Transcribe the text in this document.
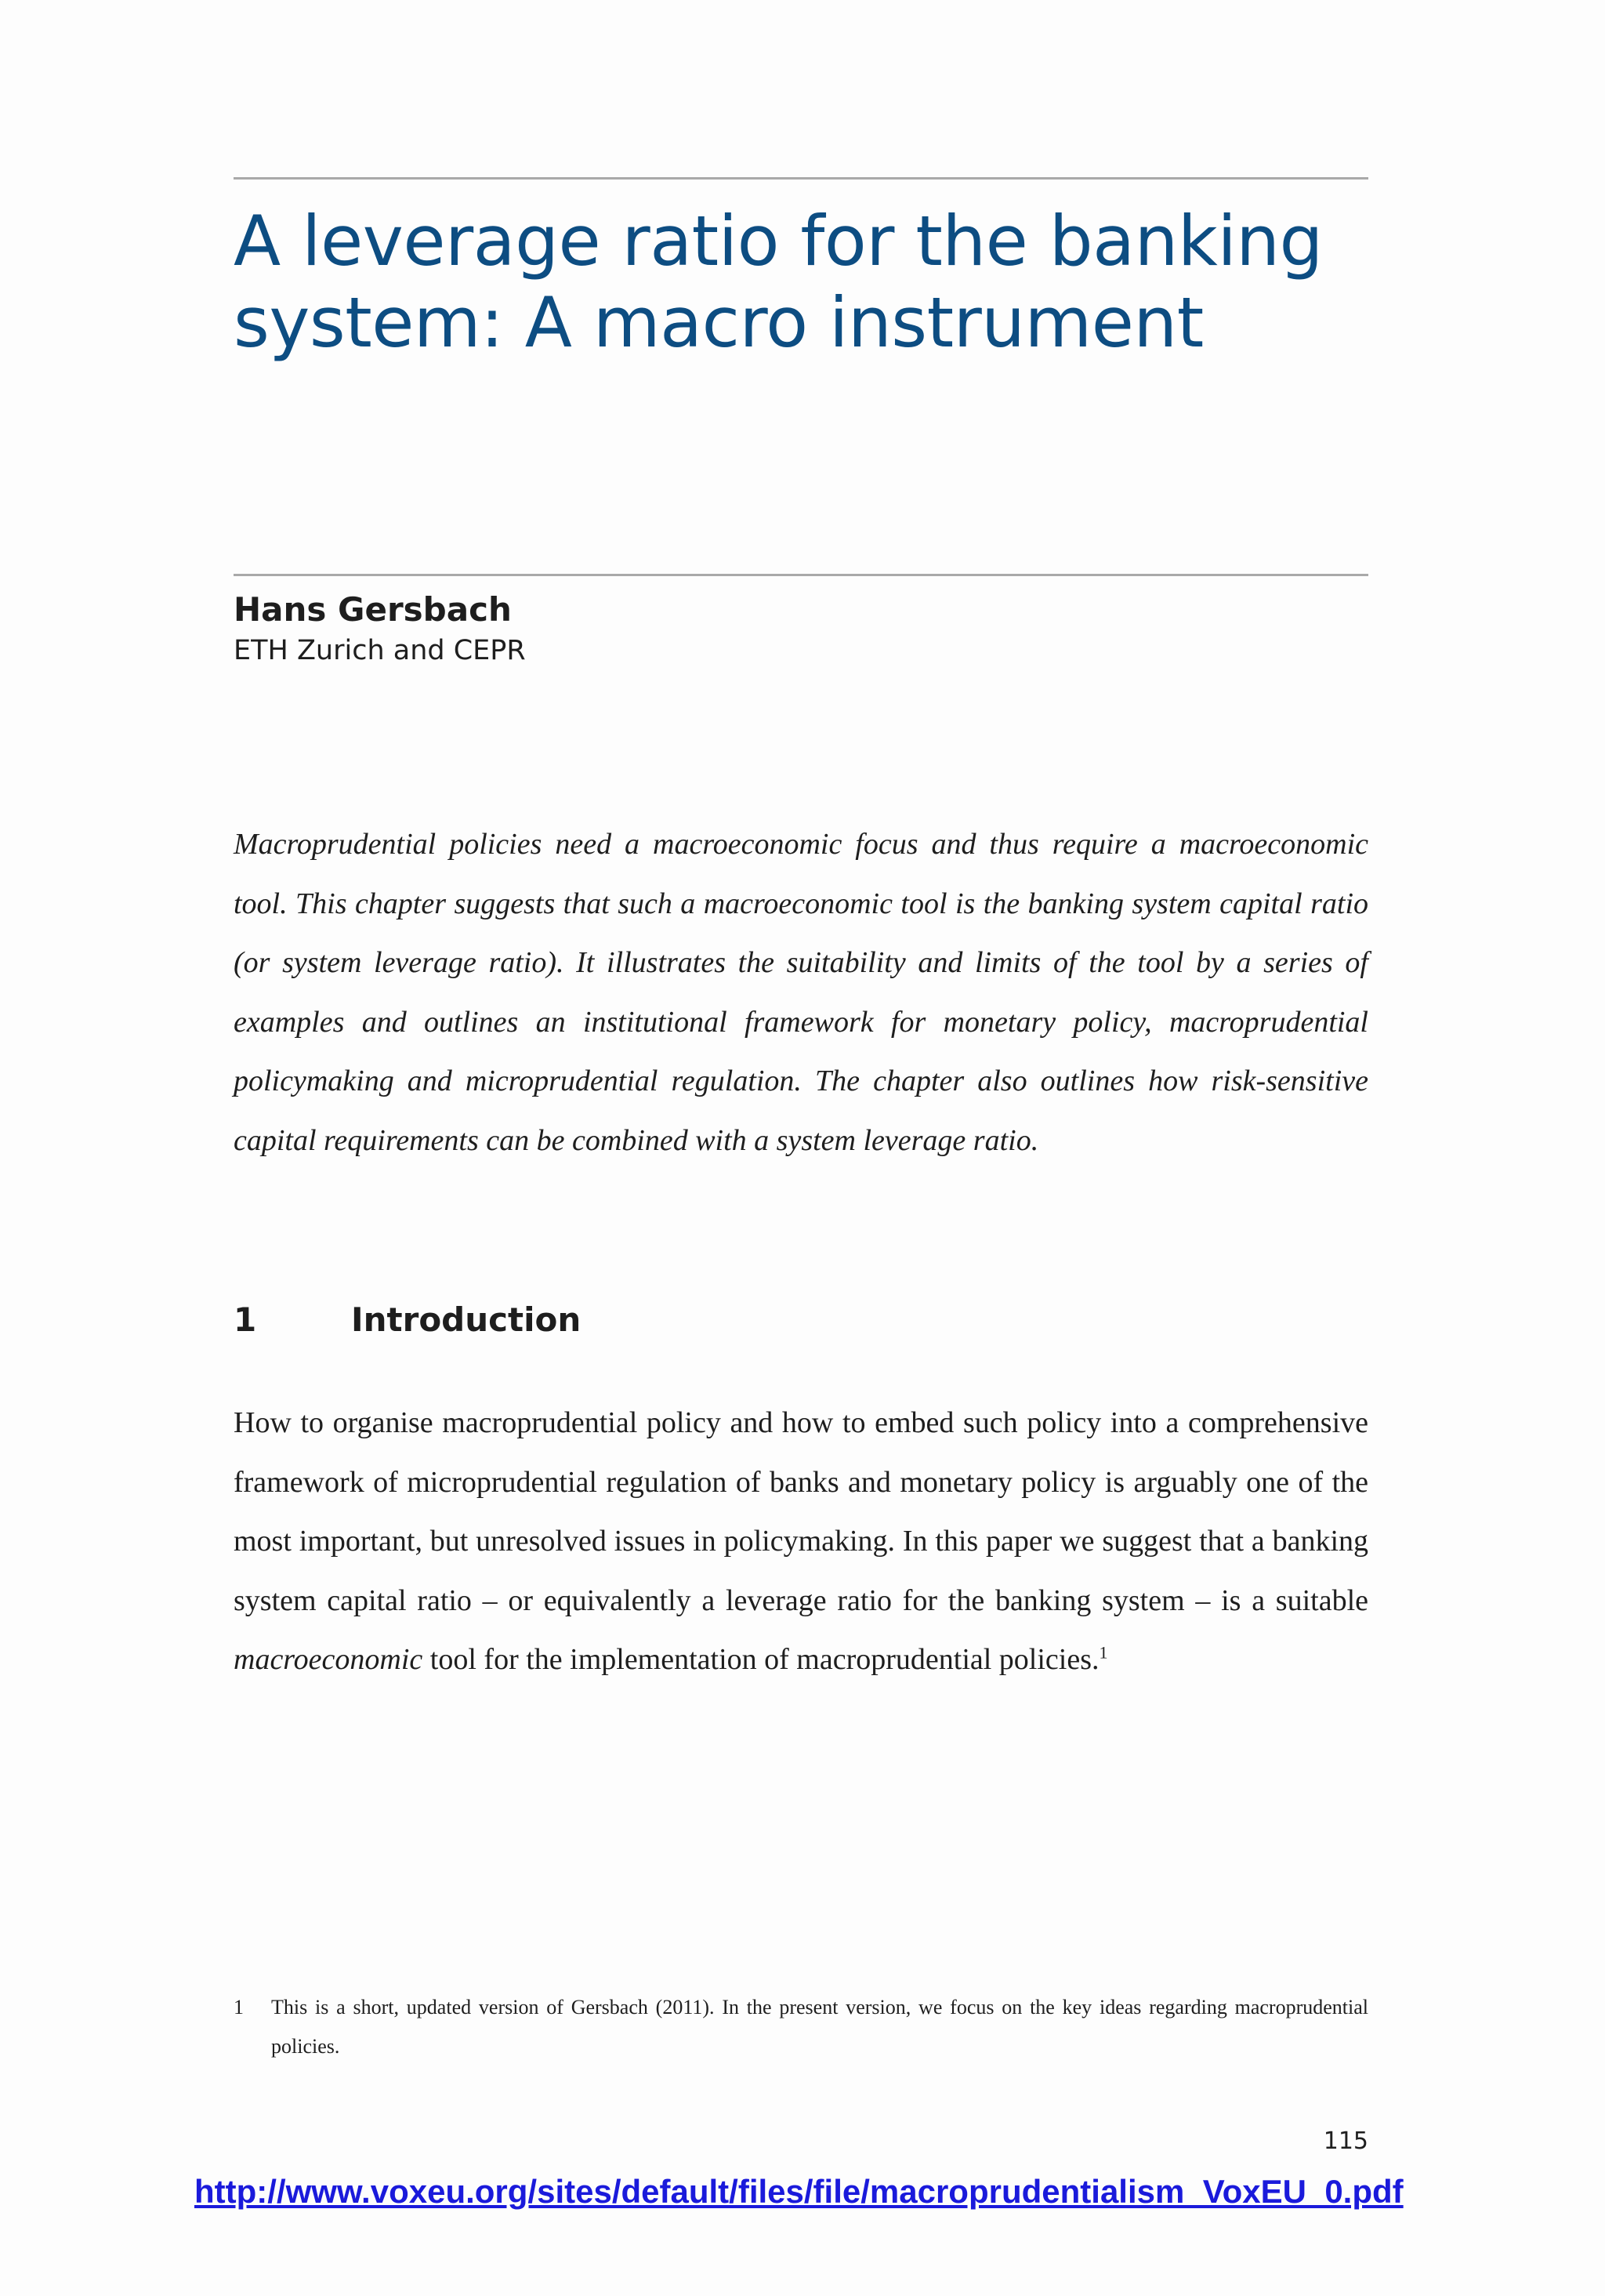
A leverage ratio for the banking
system: A macro instrument
Hans Gersbach
ETH Zurich and CEPR

Macroprudential policies need a macroeconomic focus and thus require a macroeconomic tool. This chapter suggests that such a macroeconomic tool is the banking system capital ratio (or system leverage ratio). It illustrates the suitability and limits of the tool by a series of examples and outlines an institutional framework for monetary policy, macroprudential policymaking and microprudential regulation. The chapter also outlines how risk-sensitive capital requirements can be combined with a system leverage ratio.

1	Introduction

How to organise macroprudential policy and how to embed such policy into a comprehensive framework of microprudential regulation of banks and monetary policy is arguably one of the most important, but unresolved issues in policymaking. In this paper we suggest that a banking system capital ratio – or equivalently a leverage ratio for the banking system – is a suitable macroeconomic tool for the implementation of macroprudential policies.$^1$

1 This is a short, updated version of Gersbach (2011). In the present version, we focus on the key ideas regarding macroprudential policies.

115
http://www.voxeu.org/sites/default/files/file/macroprudentialism_VoxEU_0.pdf
